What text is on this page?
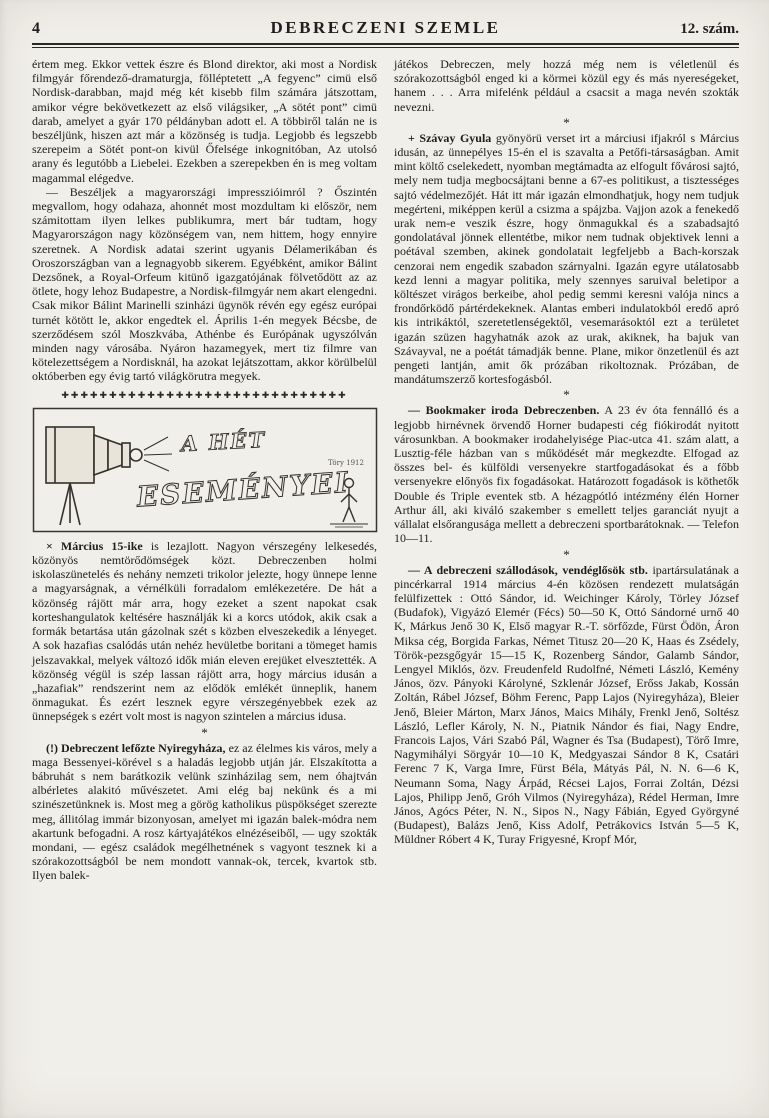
4	DEBRECZENI SZEMLE	12. szám.

értem meg. Ekkor vettek észre és Blond direktor, aki most a Nordisk filmgyár főrendező-dramaturgja, fölléptetett „A fegyenc” cimü első Nordisk-darabban, majd még két kisebb film számára játszottam, amikor végre bekövetkezett az első világsiker, „A sötét pont” cimü darab, amelyet a gyár 170 példányban adott el. A többiről talán ne is beszéljünk, hiszen azt már a közönség is tudja. Legjobb és legszebb szerepeim a Sötét pont-on kivül Őfelsége inkognitóban, Az utolsó arany és legutóbb a Liebelei. Ezekben a szerepekben én is meg voltam magammal elégedve.

— Beszéljek a magyarországi impresszióimról ? Őszintén megvallom, hogy odahaza, ahonnét most mozdultam ki először, nem számitottam ilyen lelkes publikumra, mert bár tudtam, hogy Magyarországon nagy közönségem van, nem hittem, hogy ennyire szeretnek. A Nordisk adatai szerint ugyanis Délamerikában és Oroszországban van a legnagyobb sikerem. Egyébként, amikor Bálint Dezsőnek, a Royal-Orfeum kitünő igazgatójának fölvetődött az az ötlete, hogy lehoz Budapestre, a Nordisk-filmgyár nem akart elengedni. Csak mikor Bálint Marinelli szinházi ügynök révén egy egész európai turnét kötött le, akkor engedtek el. Április 1-én megyek Bécsbe, de szerződésem szól Moszkvába, Athénbe és Európának ugyszólván minden nagy városába. Nyáron hazamegyek, mert tiz filmre van kötelezettségem a Nordisknál, ha azokat lejátszottam, akkor körülbelül októberben egy évig tartó világkörutra megyek.

✚✚✚✚✚✚✚✚✚✚✚✚✚✚✚✚✚✚✚✚✚✚✚✚✚✚✚✚✚✚
A HÉT
ESEMÉNYEI
Töry 1912

× Március 15-ike is lezajlott. Nagyon vérszegény lelkesedés, közönyös nemtörődömségek közt. Debreczenben holmi iskolaszünetelés és nehány nemzeti trikolor jelezte, hogy ünnepe lenne a magyarságnak, a vérnélküli forradalom emlékezetére. De hát a közönség rájött már arra, hogy ezeket a szent napokat csak korteshangulatok keltésére használják ki a korcs utódok, akik csak a formák betartása után gázolnak szét s közben elveszekedik a lényeget. A sok hazafias csalódás után nehéz hevületbe boritani a tömeget hamis jelszavakkal, melyek változó idők mián eleven erejüket elvesztették. A közönség végül is szép lassan rájött arra, hogy március idusán a „hazafiak” rendszerint nem az elődök emlékét ünneplik, hanem önmagukat. És ezért lesznek egyre vérszegényebbek ezek az ünnepségek s ezért volt most is nagyon szintelen a március idusa.

*

(!) Debreczent lefőzte Nyiregyháza, ez az élelmes kis város, mely a maga Bessenyei-körével s a haladás legjobb utján jár. Elszakította a bábruhát s nem barátkozik velünk szinházilag sem, nem óhajtván albérletes alakitó művészetet. Ami elég baj nekünk és a mi szinészetünknek is. Most meg a görög katholikus püspökséget szerezte meg, állitólag immár bizonyosan, amelyet mi igazán balek-módra nem akartunk befogadni. A rosz kártyajátékos elnézéseiből, — ugy szokták mondani, — egész családok megélhetnének s vagyont tesznek ki a szórakozottságból be nem mondott vannak-ok, tercek, kvartok stb. Ilyen balek-

játékos Debreczen, mely hozzá még nem is véletlenül és szórakozottságból enged ki a körmei közül egy és más nyereségeket, hanem . . . Arra mifelénk például a csacsit a maga nevén szokták nevezni.

*

+ Szávay Gyula gyönyörü verset irt a márciusi ifjakról s Március idusán, az ünnepélyes 15-én el is szavalta a Petőfi-társaságban. Amit mint költő cselekedett, nyomban megtámadta az elfogult fővárosi sajtó, mely nem tudja megbocsájtani benne a 67-es politikust, a tisztességes sajtó védelmezőjét. Hát itt már igazán elmondhatjuk, hogy nem tudjuk megérteni, miképpen kerül a csizma a spájzba. Vajjon azok a fenekedő urak nem-e veszik észre, hogy önmagukkal és a szabadsajtó gondolatával jönnek ellentétbe, mikor nem tudnak objektivek lenni a poétával szemben, akinek gondolatait legfeljebb a Bach-korszak cenzorai nem engedik szabadon szárnyalni. Igazán egyre utálatosabb kezd lenni a magyar politika, mely szennyes saruival beletipor a költészet virágos berkeibe, ahol pedig semmi keresni valója nincs a frondőrködő pártérdekeknek. Alantas emberi indulatokból eredő apró kis intrikáktól, szeretetlenségektől, vesemarásoktól ezt a területet igazán szüzen hagyhatnák azok az urak, akiknek, ha bajuk van Szávayval, ne a poétát támadják benne. Plane, mikor önzetlenül és azt pengeti lantján, amit ők prózában rikoltoznak. Prózában, de mandátumszerző kortesfogásból.

*

— Bookmaker iroda Debreczenben. A 23 év óta fennálló és a legjobb hirnévnek örvendő Horner budapesti cég fiókirodát nyitott városunkban. A bookmaker irodahelyisége Piac-utca 41. szám alatt, a Lusztig-féle házban van s működését már megkezdte. Elfogad az összes bel- és külföldi versenyekre startfogadásokat és a főbb versenyekre előnyös fix fogadásokat. Határozott fogadások is köthetők Double és Triple eventek stb. A hézagpótló intézmény élén Horner Arthur áll, aki kiváló szakember s emellett teljes garanciát nyujt a vállalat elsőrangusága mellett a debreczeni sportbarátoknak. — Telefon 10—11.

*

— A debreczeni szállodások, vendéglősök stb. ipartársulatának a pincérkarral 1914 március 4-én közösen rendezett mulatságán felülfizettek : Ottó Sándor, id. Weichinger Károly, Törley József (Budafok), Vigyázó Elemér (Fécs) 50—50 K, Ottó Sándorné urnő 40 K, Márkus Jenő 30 K, Első magyar R.-T. sörfőzde, Fürst Ödön, Áron Miksa cég, Borgida Farkas, Német Titusz 20—20 K, Haas és Zsédely, Török-pezsgőgyár 15—15 K, Rozenberg Sándor, Galamb Sándor, Lengyel Miklós, özv. Freudenfeld Rudolfné, Németi László, Kemény János, özv. Pányoki Károlyné, Szklenár József, Erőss Jakab, Kossán Zoltán, Rábel József, Böhm Ferenc, Papp Lajos (Nyiregyháza), Bleier Jenő, Bleier Márton, Marx János, Maics Mihály, Frenkl Jenő, Soltész László, Lefler Károly, N. N., Piatnik Nándor és fiai, Nagy Endre, Francois Lajos, Vári Szabó Pál, Wagner és Tsa (Budapest), Törő Imre, Nagymihályi Sörgyár 10—10 K, Medgyaszai Sándor 8 K, Csatári Ferenc 7 K, Varga Imre, Fürst Béla, Mátyás Pál, N. N. 6—6 K, Neumann Soma, Nagy Árpád, Récsei Lajos, Forrai Zoltán, Dézsi Lajos, Philipp Jenő, Gróh Vilmos (Nyiregyháza), Rédel Herman, Imre János, Agócs Péter, N. N., Sipos N., Nagy Fábián, Egyed Györgyné (Budapest), Balázs Jenő, Kiss Adolf, Petrákovics István 5—5 K, Müldner Róbert 4 K, Turay Frigyesné, Kropf Mór,
